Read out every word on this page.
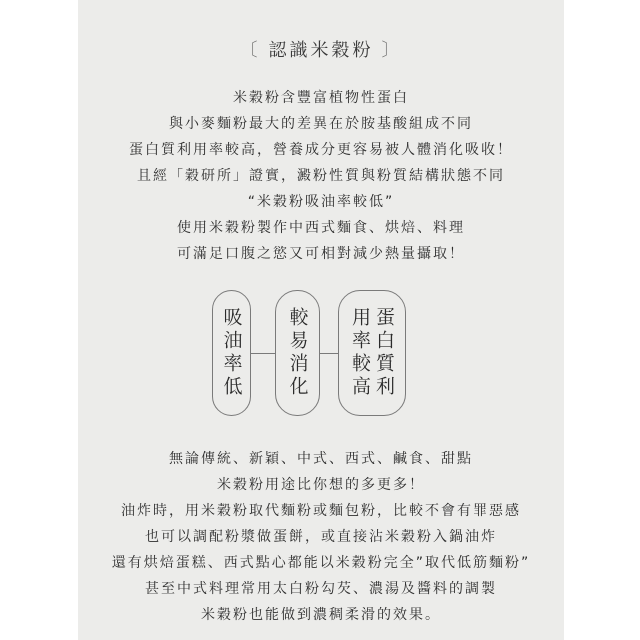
〔 認識米穀粉 〕
米穀粉含豐富植物性蛋白
與小麥麵粉最大的差異在於胺基酸組成不同
蛋白質利用率較高，營養成分更容易被人體消化吸收！
且經「穀研所」證實，澱粉性質與粉質結構狀態不同
“米穀粉吸油率較低”
使用米穀粉製作中西式麵食、烘焙、料理
可滿足口腹之慾又可相對減少熱量攝取！
吸油率低 較易消化	蛋白質利
用率較高
無論傳統、新穎、中式、西式、鹹食、甜點
米穀粉用途比你想的多更多！
油炸時，用米穀粉取代麵粉或麵包粉，比較不會有罪惡感
也可以調配粉漿做蛋餅，或直接沾米穀粉入鍋油炸
還有烘焙蛋糕、西式點心都能以米穀粉完全”取代低筋麵粉”
甚至中式料理常用太白粉勾芡、濃湯及醬料的調製
米穀粉也能做到濃稠柔滑的效果。
